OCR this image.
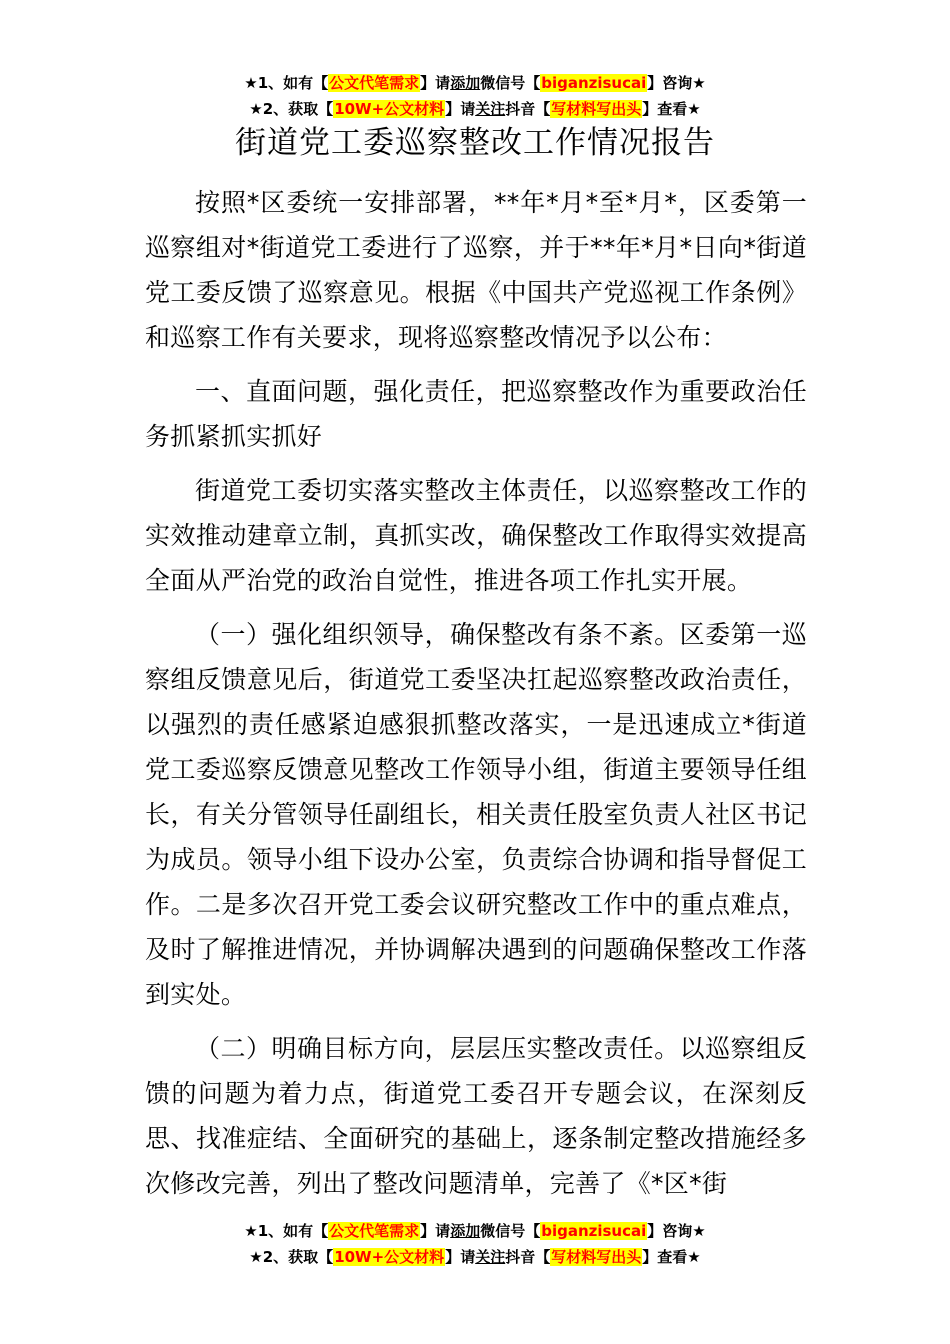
★1、如有【公文代笔需求】请添加微信号【biganzisucai】咨询★
★2、获取【10W+公文材料】请关注抖音【写材料写出头】查看★
街道党工委巡察整改工作情况报告

按照*区委统一安排部署，**年*月*至*月*，区委第一巡察组对*街道党工委进行了巡察，并于**年*月*日向*街道党工委反馈了巡察意见。根据《中国共产党巡视工作条例》和巡察工作有关要求，现将巡察整改情况予以公布：

一、直面问题，强化责任，把巡察整改作为重要政治任务抓紧抓实抓好

街道党工委切实落实整改主体责任，以巡察整改工作的实效推动建章立制，真抓实改，确保整改工作取得实效提高全面从严治党的政治自觉性，推进各项工作扎实开展。

（一）强化组织领导，确保整改有条不紊。区委第一巡察组反馈意见后，街道党工委坚决扛起巡察整改政治责任，以强烈的责任感紧迫感狠抓整改落实，一是迅速成立*街道党工委巡察反馈意见整改工作领导小组，街道主要领导任组长，有关分管领导任副组长，相关责任股室负责人社区书记为成员。领导小组下设办公室，负责综合协调和指导督促工作。二是多次召开党工委会议研究整改工作中的重点难点，及时了解推进情况，并协调解决遇到的问题确保整改工作落到实处。

（二）明确目标方向，层层压实整改责任。以巡察组反馈的问题为着力点，街道党工委召开专题会议，在深刻反思、找准症结、全面研究的基础上，逐条制定整改措施经多次修改完善，列出了整改问题清单，完善了《*区*街

★1、如有【公文代笔需求】请添加微信号【biganzisucai】咨询★
★2、获取【10W+公文材料】请关注抖音【写材料写出头】查看★
